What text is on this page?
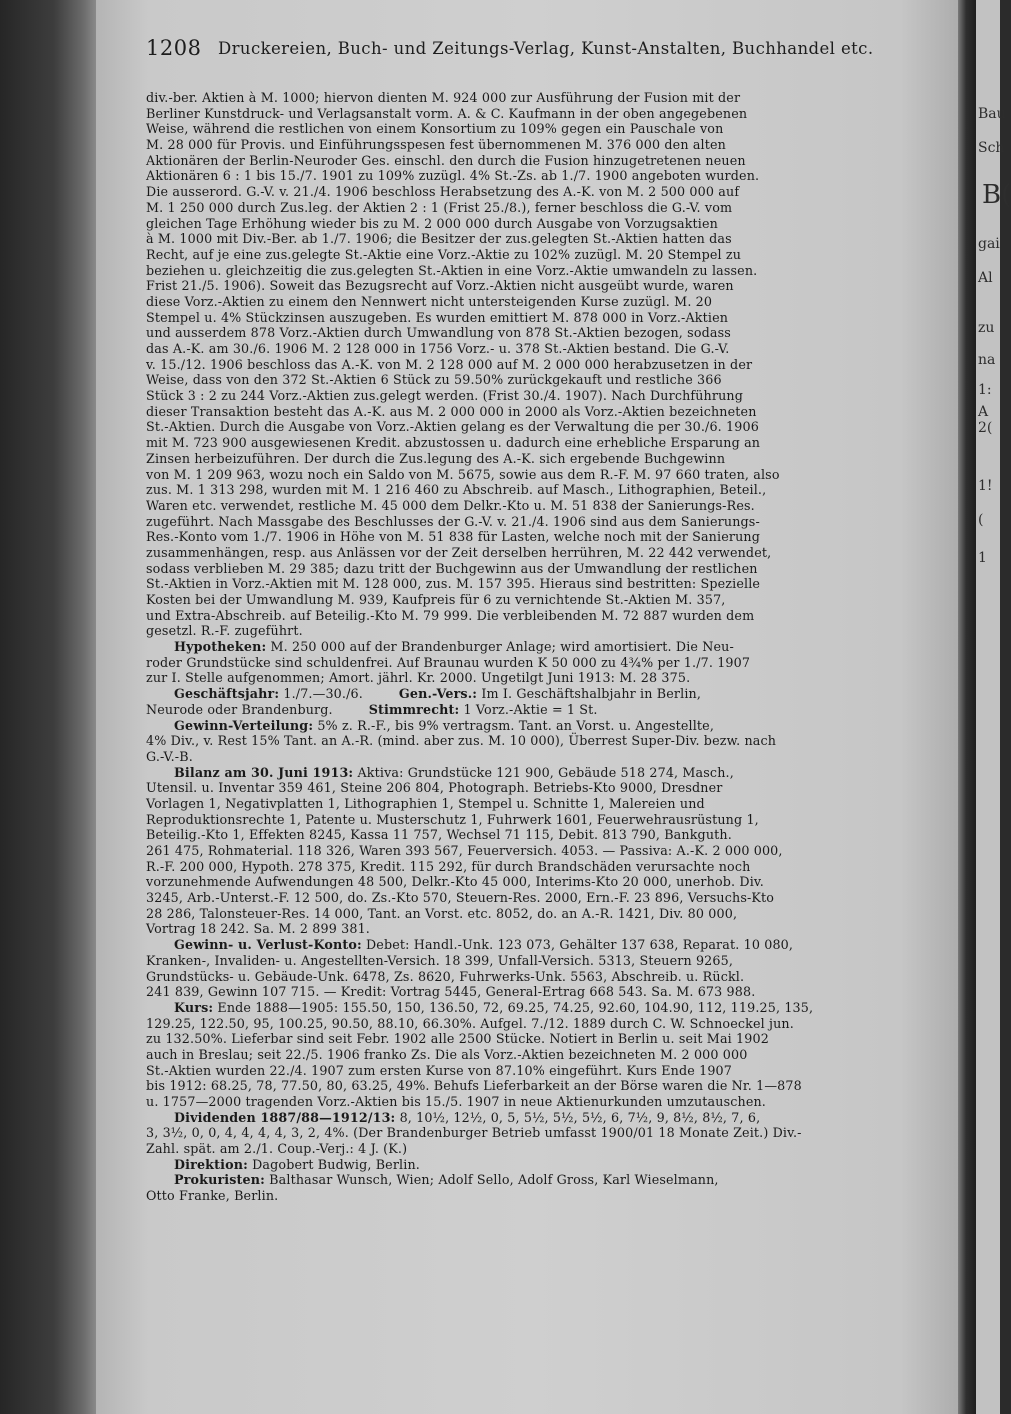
Bau
Sch
B(
gai
Al
zu
na
1:
A
2(
1!
(
1
1208 Druckereien, Buch- und Zeitungs-Verlag, Kunst-Anstalten, Buchhandel etc.
div.-ber. Aktien à M. 1000; hiervon dienten M. 924 000 zur Ausführung der Fusion mit der
Berliner Kunstdruck- und Verlagsanstalt vorm. A. & C. Kaufmann in der oben angegebenen
Weise, während die restlichen von einem Konsortium zu 109% gegen ein Pauschale von
M. 28 000 für Provis. und Einführungsspesen fest übernommenen M. 376 000 den alten
Aktionären der Berlin-Neuroder Ges. einschl. den durch die Fusion hinzugetretenen neuen
Aktionären 6 : 1 bis 15./7. 1901 zu 109% zuzügl. 4% St.-Zs. ab 1./7. 1900 angeboten wurden.
Die ausserord. G.-V. v. 21./4. 1906 beschloss Herabsetzung des A.-K. von M. 2 500 000 auf
M. 1 250 000 durch Zus.leg. der Aktien 2 : 1 (Frist 25./8.), ferner beschloss die G.-V. vom
gleichen Tage Erhöhung wieder bis zu M. 2 000 000 durch Ausgabe von Vorzugsaktien
à M. 1000 mit Div.-Ber. ab 1./7. 1906; die Besitzer der zus.gelegten St.-Aktien hatten das
Recht, auf je eine zus.gelegte St.-Aktie eine Vorz.-Aktie zu 102% zuzügl. M. 20 Stempel zu
beziehen u. gleichzeitig die zus.gelegten St.-Aktien in eine Vorz.-Aktie umwandeln zu lassen.
Frist 21./5. 1906). Soweit das Bezugsrecht auf Vorz.-Aktien nicht ausgeübt wurde, waren
diese Vorz.-Aktien zu einem den Nennwert nicht untersteigenden Kurse zuzügl. M. 20
Stempel u. 4% Stückzinsen auszugeben. Es wurden emittiert M. 878 000 in Vorz.-Aktien
und ausserdem 878 Vorz.-Aktien durch Umwandlung von 878 St.-Aktien bezogen, sodass
das A.-K. am 30./6. 1906 M. 2 128 000 in 1756 Vorz.- u. 378 St.-Aktien bestand. Die G.-V.
v. 15./12. 1906 beschloss das A.-K. von M. 2 128 000 auf M. 2 000 000 herabzusetzen in der
Weise, dass von den 372 St.-Aktien 6 Stück zu 59.50% zurückgekauft und restliche 366
Stück 3 : 2 zu 244 Vorz.-Aktien zus.gelegt werden. (Frist 30./4. 1907). Nach Durchführung
dieser Transaktion besteht das A.-K. aus M. 2 000 000 in 2000 als Vorz.-Aktien bezeichneten
St.-Aktien. Durch die Ausgabe von Vorz.-Aktien gelang es der Verwaltung die per 30./6. 1906
mit M. 723 900 ausgewiesenen Kredit. abzustossen u. dadurch eine erhebliche Ersparung an
Zinsen herbeizuführen. Der durch die Zus.legung des A.-K. sich ergebende Buchgewinn
von M. 1 209 963, wozu noch ein Saldo von M. 5675, sowie aus dem R.-F. M. 97 660 traten, also
zus. M. 1 313 298, wurden mit M. 1 216 460 zu Abschreib. auf Masch., Lithographien, Beteil.,
Waren etc. verwendet, restliche M. 45 000 dem Delkr.-Kto u. M. 51 838 der Sanierungs-Res.
zugeführt. Nach Massgabe des Beschlusses der G.-V. v. 21./4. 1906 sind aus dem Sanierungs-
Res.-Konto vom 1./7. 1906 in Höhe von M. 51 838 für Lasten, welche noch mit der Sanierung
zusammenhängen, resp. aus Anlässen vor der Zeit derselben herrühren, M. 22 442 verwendet,
sodass verblieben M. 29 385; dazu tritt der Buchgewinn aus der Umwandlung der restlichen
St.-Aktien in Vorz.-Aktien mit M. 128 000, zus. M. 157 395. Hieraus sind bestritten: Spezielle
Kosten bei der Umwandlung M. 939, Kaufpreis für 6 zu vernichtende St.-Aktien M. 357,
und Extra-Abschreib. auf Beteilig.-Kto M. 79 999. Die verbleibenden M. 72 887 wurden dem
gesetzl. R.-F. zugeführt.
Hypotheken: M. 250 000 auf der Brandenburger Anlage; wird amortisiert. Die Neu-
roder Grundstücke sind schuldenfrei. Auf Braunau wurden K 50 000 zu 4¾% per 1./7. 1907
zur I. Stelle aufgenommen; Amort. jährl. Kr. 2000. Ungetilgt Juni 1913: M. 28 375.
Geschäftsjahr: 1./7.—30./6.	Gen.-Vers.: Im I. Geschäftshalbjahr in Berlin,
Neurode oder Brandenburg.	Stimmrecht: 1 Vorz.-Aktie = 1 St.
Gewinn-Verteilung: 5% z. R.-F., bis 9% vertragsm. Tant. an Vorst. u. Angestellte,
4% Div., v. Rest 15% Tant. an A.-R. (mind. aber zus. M. 10 000), Überrest Super-Div. bezw. nach
G.-V.-B.
Bilanz am 30. Juni 1913: Aktiva: Grundstücke 121 900, Gebäude 518 274, Masch.,
Utensil. u. Inventar 359 461, Steine 206 804, Photograph. Betriebs-Kto 9000, Dresdner
Vorlagen 1, Negativplatten 1, Lithographien 1, Stempel u. Schnitte 1, Malereien und
Reproduktionsrechte 1, Patente u. Musterschutz 1, Fuhrwerk 1601, Feuerwehrausrüstung 1,
Beteilig.-Kto 1, Effekten 8245, Kassa 11 757, Wechsel 71 115, Debit. 813 790, Bankguth.
261 475, Rohmaterial. 118 326, Waren 393 567, Feuerversich. 4053. — Passiva: A.-K. 2 000 000,
R.-F. 200 000, Hypoth. 278 375, Kredit. 115 292, für durch Brandschäden verursachte noch
vorzunehmende Aufwendungen 48 500, Delkr.-Kto 45 000, Interims-Kto 20 000, unerhob. Div.
3245, Arb.-Unterst.-F. 12 500, do. Zs.-Kto 570, Steuern-Res. 2000, Ern.-F. 23 896, Versuchs-Kto
28 286, Talonsteuer-Res. 14 000, Tant. an Vorst. etc. 8052, do. an A.-R. 1421, Div. 80 000,
Vortrag 18 242. Sa. M. 2 899 381.
Gewinn- u. Verlust-Konto: Debet: Handl.-Unk. 123 073, Gehälter 137 638, Reparat. 10 080,
Kranken-, Invaliden- u. Angestellten-Versich. 18 399, Unfall-Versich. 5313, Steuern 9265,
Grundstücks- u. Gebäude-Unk. 6478, Zs. 8620, Fuhrwerks-Unk. 5563, Abschreib. u. Rückl.
241 839, Gewinn 107 715. — Kredit: Vortrag 5445, General-Ertrag 668 543. Sa. M. 673 988.
Kurs: Ende 1888—1905: 155.50, 150, 136.50, 72, 69.25, 74.25, 92.60, 104.90, 112, 119.25, 135,
129.25, 122.50, 95, 100.25, 90.50, 88.10, 66.30%. Aufgel. 7./12. 1889 durch C. W. Schnoeckel jun.
zu 132.50%. Lieferbar sind seit Febr. 1902 alle 2500 Stücke. Notiert in Berlin u. seit Mai 1902
auch in Breslau; seit 22./5. 1906 franko Zs. Die als Vorz.-Aktien bezeichneten M. 2 000 000
St.-Aktien wurden 22./4. 1907 zum ersten Kurse von 87.10% eingeführt. Kurs Ende 1907
bis 1912: 68.25, 78, 77.50, 80, 63.25, 49%. Behufs Lieferbarkeit an der Börse waren die Nr. 1—878
u. 1757—2000 tragenden Vorz.-Aktien bis 15./5. 1907 in neue Aktienurkunden umzutauschen.
Dividenden 1887/88—1912/13: 8, 10½, 12½, 0, 5, 5½, 5½, 5½, 6, 7½, 9, 8½, 8½, 7, 6,
3, 3½, 0, 0, 4, 4, 4, 4, 3, 2, 4%. (Der Brandenburger Betrieb umfasst 1900/01 18 Monate Zeit.) Div.-
Zahl. spät. am 2./1. Coup.-Verj.: 4 J. (K.)
Direktion: Dagobert Budwig, Berlin.
Prokuristen: Balthasar Wunsch, Wien; Adolf Sello, Adolf Gross, Karl Wieselmann,
Otto Franke, Berlin.
